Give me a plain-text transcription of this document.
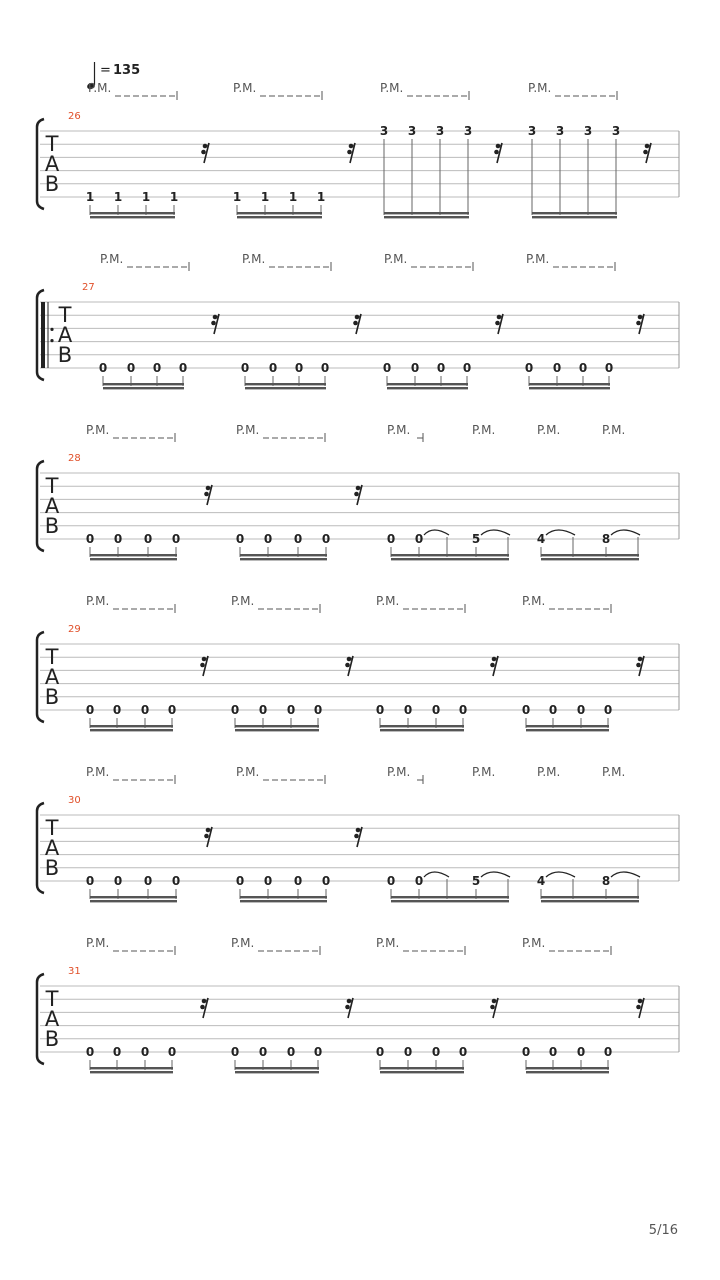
= 135
T
A
B
26
P.M.	P.M.	P.M.	P.M.
1 1 1 1	1 1 1 1
3 3 3 3	3 3 3 3
T
A
B
27
P.M.	P.M.	P.M.	P.M.
0 0 0 0	0 0 0 0	0 0 0 0	0 0 0 0
T
A
B
28
P.M.	P.M.	P.M.	P.M.	P.M.	P.M.
0 0 0 0	0 0 0 0	0 0	5	4	8
T
A
B
29
P.M.	P.M.	P.M.	P.M.
0 0 0 0	0 0 0 0	0 0 0 0	0 0 0 0
T
A
B
30
P.M.	P.M.	P.M.	P.M.	P.M.	P.M.
0 0 0 0	0 0 0 0	0 0	5	4	8
T
A
B
31
P.M.	P.M.	P.M.	P.M.
0 0 0 0	0 0 0 0	0 0 0 0	0 0 0 0
5/16
